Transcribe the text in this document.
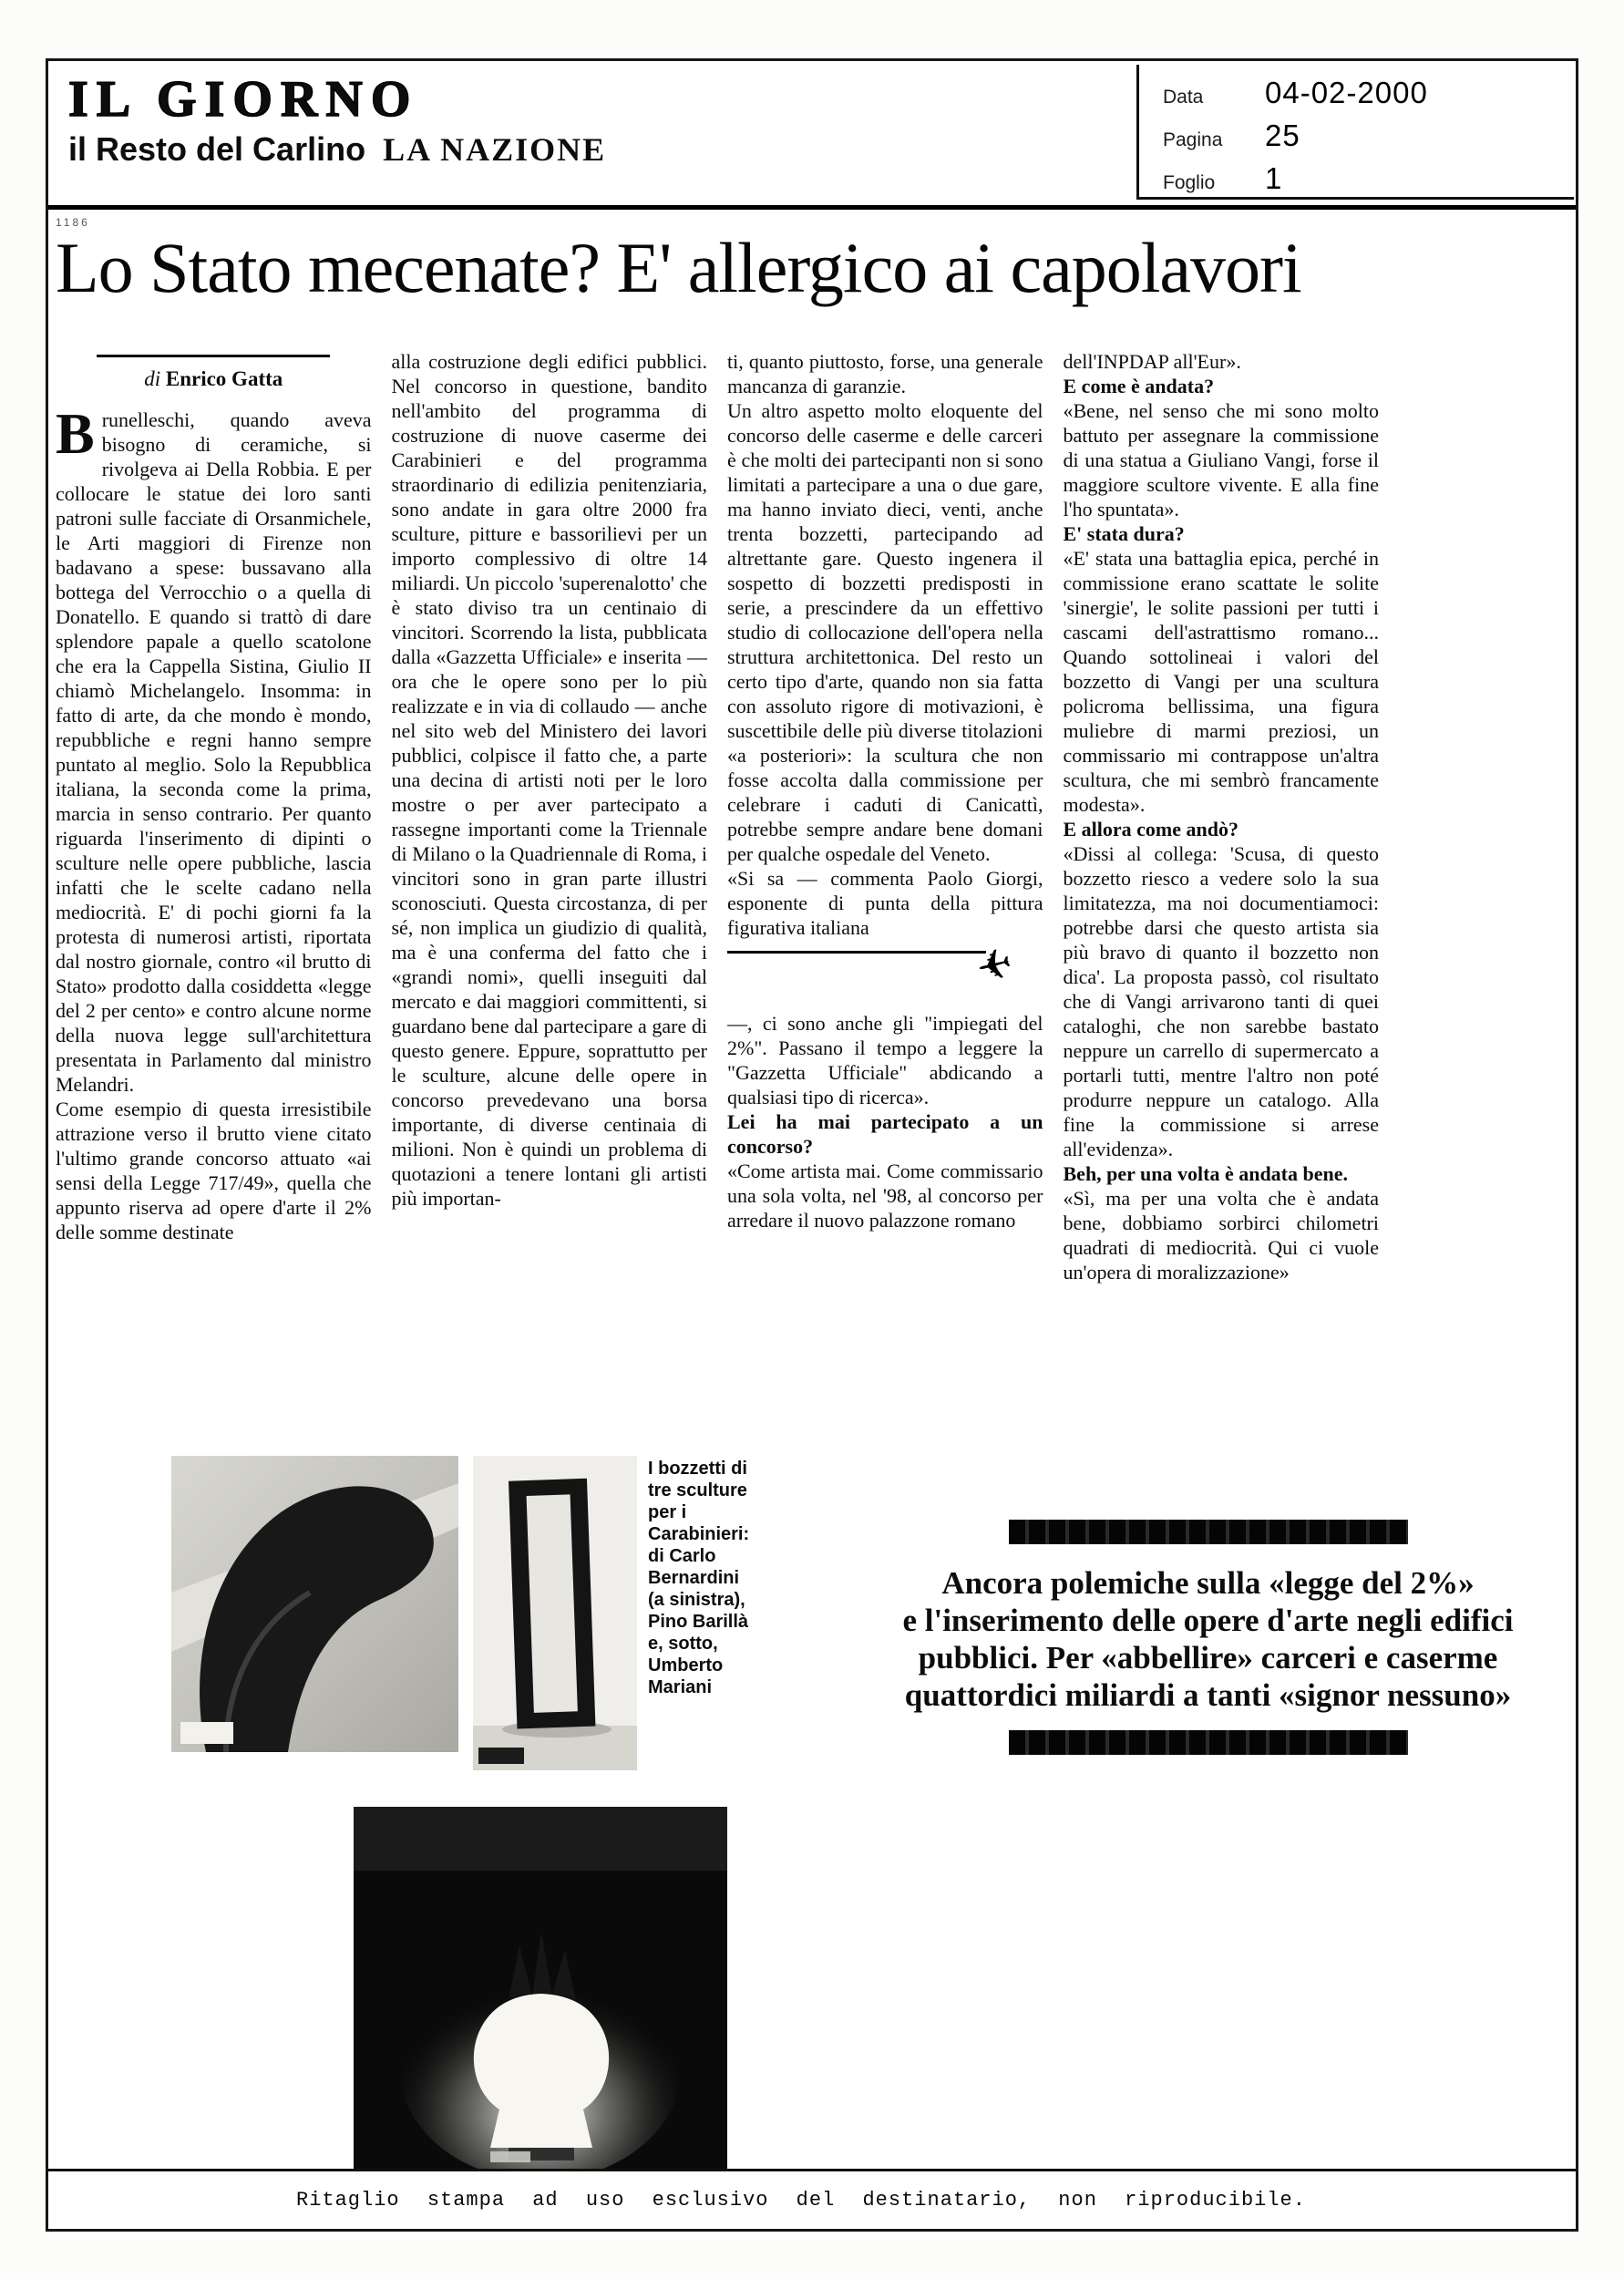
IL GIORNO
il Resto del Carlino LA NAZIONE
Data	04-02-2000
Pagina	25
Foglio	1
1186
Lo Stato mecenate? E' allergico ai capolavori
di Enrico Gatta

Brunelleschi, quando aveva bisogno di ceramiche, si rivolgeva ai Della Robbia. E per collocare le statue dei loro santi patroni sulle facciate di Orsanmichele, le Arti maggiori di Firenze non badavano a spese: bussavano alla bottega del Verrocchio o a quella di Donatello. E quando si trattò di dare splendore papale a quello scatolone che era la Cappella Sistina, Giulio II chiamò Michelangelo. Insomma: in fatto di arte, da che mondo è mondo, repubbliche e regni hanno sempre puntato al meglio. Solo la Repubblica italiana, la seconda come la prima, marcia in senso contrario. Per quanto riguarda l'inserimento di dipinti o sculture nelle opere pubbliche, lascia infatti che le scelte cadano nella mediocrità. E' di pochi giorni fa la protesta di numerosi artisti, riportata dal nostro giornale, contro «il brutto di Stato» prodotto dalla cosiddetta «legge del 2 per cento» e contro alcune norme della nuova legge sull'architettura presentata in Parlamento dal ministro Melandri.

Come esempio di questa irresistibile attrazione verso il brutto viene citato l'ultimo grande concorso attuato «ai sensi della Legge 717/49», quella che appunto riserva ad opere d'arte il 2% delle somme destinate

alla costruzione degli edifici pubblici. Nel concorso in questione, bandito nell'ambito del programma di costruzione di nuove caserme dei Carabinieri e del programma straordinario di edilizia penitenziaria, sono andate in gara oltre 2000 fra sculture, pitture e bassorilievi per un importo complessivo di oltre 14 miliardi. Un piccolo 'superenalotto' che è stato diviso tra un centinaio di vincitori. Scorrendo la lista, pubblicata dalla «Gazzetta Ufficiale» e inserita — ora che le opere sono per lo più realizzate e in via di collaudo — anche nel sito web del Ministero dei lavori pubblici, colpisce il fatto che, a parte una decina di artisti noti per le loro mostre o per aver partecipato a rassegne importanti come la Triennale di Milano o la Quadriennale di Roma, i vincitori sono in gran parte illustri sconosciuti. Questa circostanza, di per sé, non implica un giudizio di qualità, ma è una conferma del fatto che i «grandi nomi», quelli inseguiti dal mercato e dai maggiori committenti, si guardano bene dal partecipare a gare di questo genere. Eppure, soprattutto per le sculture, alcune delle opere in concorso prevedevano una borsa importante, di diverse centinaia di milioni. Non è quindi un problema di quotazioni a tenere lontani gli artisti più importan-

ti, quanto piuttosto, forse, una generale mancanza di garanzie.

Un altro aspetto molto eloquente del concorso delle caserme e delle carceri è che molti dei partecipanti non si sono limitati a partecipare a una o due gare, ma hanno inviato dieci, venti, anche trenta bozzetti, partecipando ad altrettante gare. Questo ingenera il sospetto di bozzetti predisposti in serie, a prescindere da un effettivo studio di collocazione dell'opera nella struttura architettonica. Del resto un certo tipo d'arte, quando non sia fatta con assoluto rigore di motivazioni, è suscettibile delle più diverse titolazioni «a posteriori»: la scultura che non fosse accolta dalla commissione per celebrare i caduti di Canicattì, potrebbe sempre andare bene domani per qualche ospedale del Veneto.

«Si sa — commenta Paolo Giorgi, esponente di punta della pittura figurativa italiana

✈

—, ci sono anche gli "impiegati del 2%". Passano il tempo a leggere la "Gazzetta Ufficiale" abdicando a qualsiasi tipo di ricerca».

Lei ha mai partecipato a un concorso?

«Come artista mai. Come commissario una sola volta, nel '98, al concorso per arredare il nuovo palazzone romano

dell'INPDAP all'Eur».

E come è andata?

«Bene, nel senso che mi sono molto battuto per assegnare la commissione di una statua a Giuliano Vangi, forse il maggiore scultore vivente. E alla fine l'ho spuntata».

E' stata dura?

«E' stata una battaglia epica, perché in commissione erano scattate le solite 'sinergie', le solite passioni per tutti i cascami dell'astrattismo romano... Quando sottolineai i valori del bozzetto di Vangi per una scultura policroma bellissima, una figura muliebre di marmi preziosi, un commissario mi contrappose un'altra scultura, che mi sembrò francamente modesta».

E allora come andò?

«Dissi al collega: 'Scusa, di questo bozzetto riesco a vedere solo la sua limitatezza, ma noi documentiamoci: potrebbe darsi che questo artista sia più bravo di quanto il bozzetto non dica'. La proposta passò, col risultato che di Vangi arrivarono tanti di quei cataloghi, che non sarebbe bastato neppure un carrello di supermercato a portarli tutti, mentre l'altro non poté produrre neppure un catalogo. Alla fine la commissione si arrese all'evidenza».

Beh, per una volta è andata bene.

«Sì, ma per una volta che è andata bene, dobbiamo sorbirci chilometri quadrati di mediocrità. Qui ci vuole un'opera di moralizzazione»

I bozzetti di tre sculture per i Carabinieri: di Carlo Bernardini (a sinistra), Pino Barillà e, sotto, Umberto Mariani
Ancora polemiche sulla «legge del 2%»
e l'inserimento delle opere d'arte negli edifici
pubblici. Per «abbellire» carceri e caserme
quattordici miliardi a tanti «signor nessuno»
Ritaglio stampa ad uso esclusivo del destinatario, non riproducibile.
